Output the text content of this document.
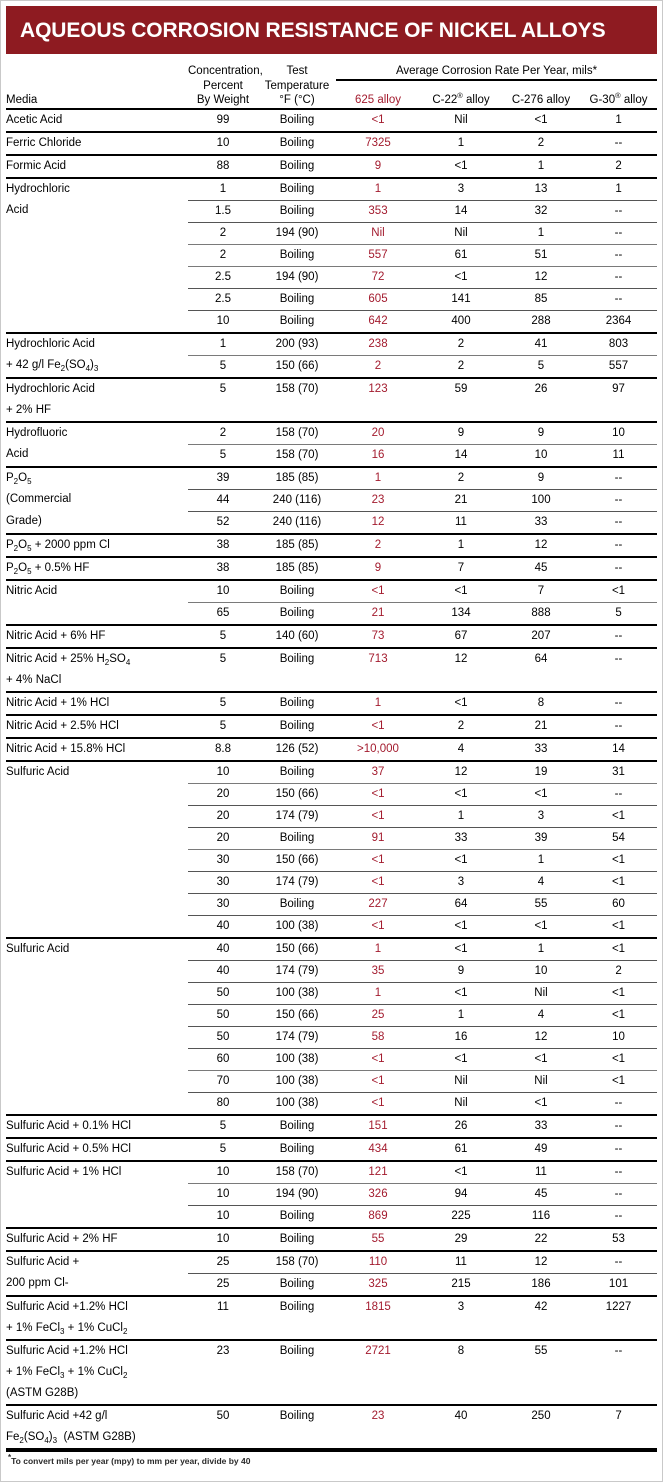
AQUEOUS CORROSION RESISTANCE OF NICKEL ALLOYS
	Concentration,	Test	Average Corrosion Rate Per Year, mils*			
	Percent	Temperature				

Media	By Weight	°F (°C)	625 alloy	C-22® alloy	C-276 alloy	G-30® alloy
Acetic Acid	99	Boiling	<1	Nil	<1	1
Ferric Chloride	10	Boiling	7325	1	2	--
Formic Acid	88	Boiling	9	<1	1	2
Hydrochloric	1	Boiling	1	3	13	1
Acid	1.5	Boiling	353	14	32	--
	2	194 (90)	Nil	Nil	1	--
	2	Boiling	557	61	51	--
	2.5	194 (90)	72	<1	12	--
	2.5	Boiling	605	141	85	--
	10	Boiling	642	400	288	2364
Hydrochloric Acid	1	200 (93)	238	2	41	803
+ 42 g/l $Fe_2(SO_4)_3$	5	150 (66)	2	2	5	557
Hydrochloric Acid	5	158 (70)	123	59	26	97
+ 2% HF						
Hydrofluoric	2	158 (70)	20	9	9	10
Acid	5	158 (70)	16	14	10	11
$P_2O_5$	39	185 (85)	1	2	9	--
(Commercial	44	240 (116)	23	21	100	--
Grade)	52	240 (116)	12	11	33	--
$P_2O_5 + 2000$ ppm Cl	38	185 (85)	2	1	12	--
$P_2O_5 + 0.5\%$ HF	38	185 (85)	9	7	45	--
Nitric Acid	10	Boiling	<1	<1	7	<1
	65	Boiling	21	134	888	5
Nitric Acid + 6% HF	5	140 (60)	73	67	207	--
Nitric Acid + 25% $H_2SO_4$	5	Boiling	713	12	64	--
+ 4% NaCl						
Nitric Acid + 1% HCl	5	Boiling	1	<1	8	--
Nitric Acid + 2.5% HCl	5	Boiling	<1	2	21	--
Nitric Acid + 15.8% HCl	8.8	126 (52)	>10,000	4	33	14
Sulfuric Acid	10	Boiling	37	12	19	31
	20	150 (66)	<1	<1	<1	--
	20	174 (79)	<1	1	3	<1
	20	Boiling	91	33	39	54
	30	150 (66)	<1	<1	1	<1
	30	174 (79)	<1	3	4	<1
	30	Boiling	227	64	55	60
	40	100 (38)	<1	<1	<1	<1
Sulfuric Acid	40	150 (66)	1	<1	1	<1
	40	174 (79)	35	9	10	2
	50	100 (38)	1	<1	Nil	<1
	50	150 (66)	25	1	4	<1
	50	174 (79)	58	16	12	10
	60	100 (38)	<1	<1	<1	<1
	70	100 (38)	<1	Nil	Nil	<1
	80	100 (38)	<1	Nil	<1	--
Sulfuric Acid + 0.1% HCl	5	Boiling	151	26	33	--
Sulfuric Acid + 0.5% HCl	5	Boiling	434	61	49	--
Sulfuric Acid + 1% HCl	10	158 (70)	121	<1	11	--
	10	194 (90)	326	94	45	--
	10	Boiling	869	225	116	--
Sulfuric Acid + 2% HF	10	Boiling	55	29	22	53
Sulfuric Acid +	25	158 (70)	110	11	12	--
200 ppm Cl-	25	Boiling	325	215	186	101
Sulfuric Acid +1.2% HCl	11	Boiling	1815	3	42	1227
+ 1% FeCl$_3$ + 1% CuCl$_2$						
Sulfuric Acid +1.2% HCl	23	Boiling	2721	8	55	--
+ 1% FeCl$_3$ + 1% CuCl$_2$						
(ASTM G28B)						
Sulfuric Acid +42 g/l	50	Boiling	23	40	250	7
$Fe_2(SO_4)_3$  (ASTM G28B)						
*To convert mils per year (mpy) to mm per year, divide by 40
